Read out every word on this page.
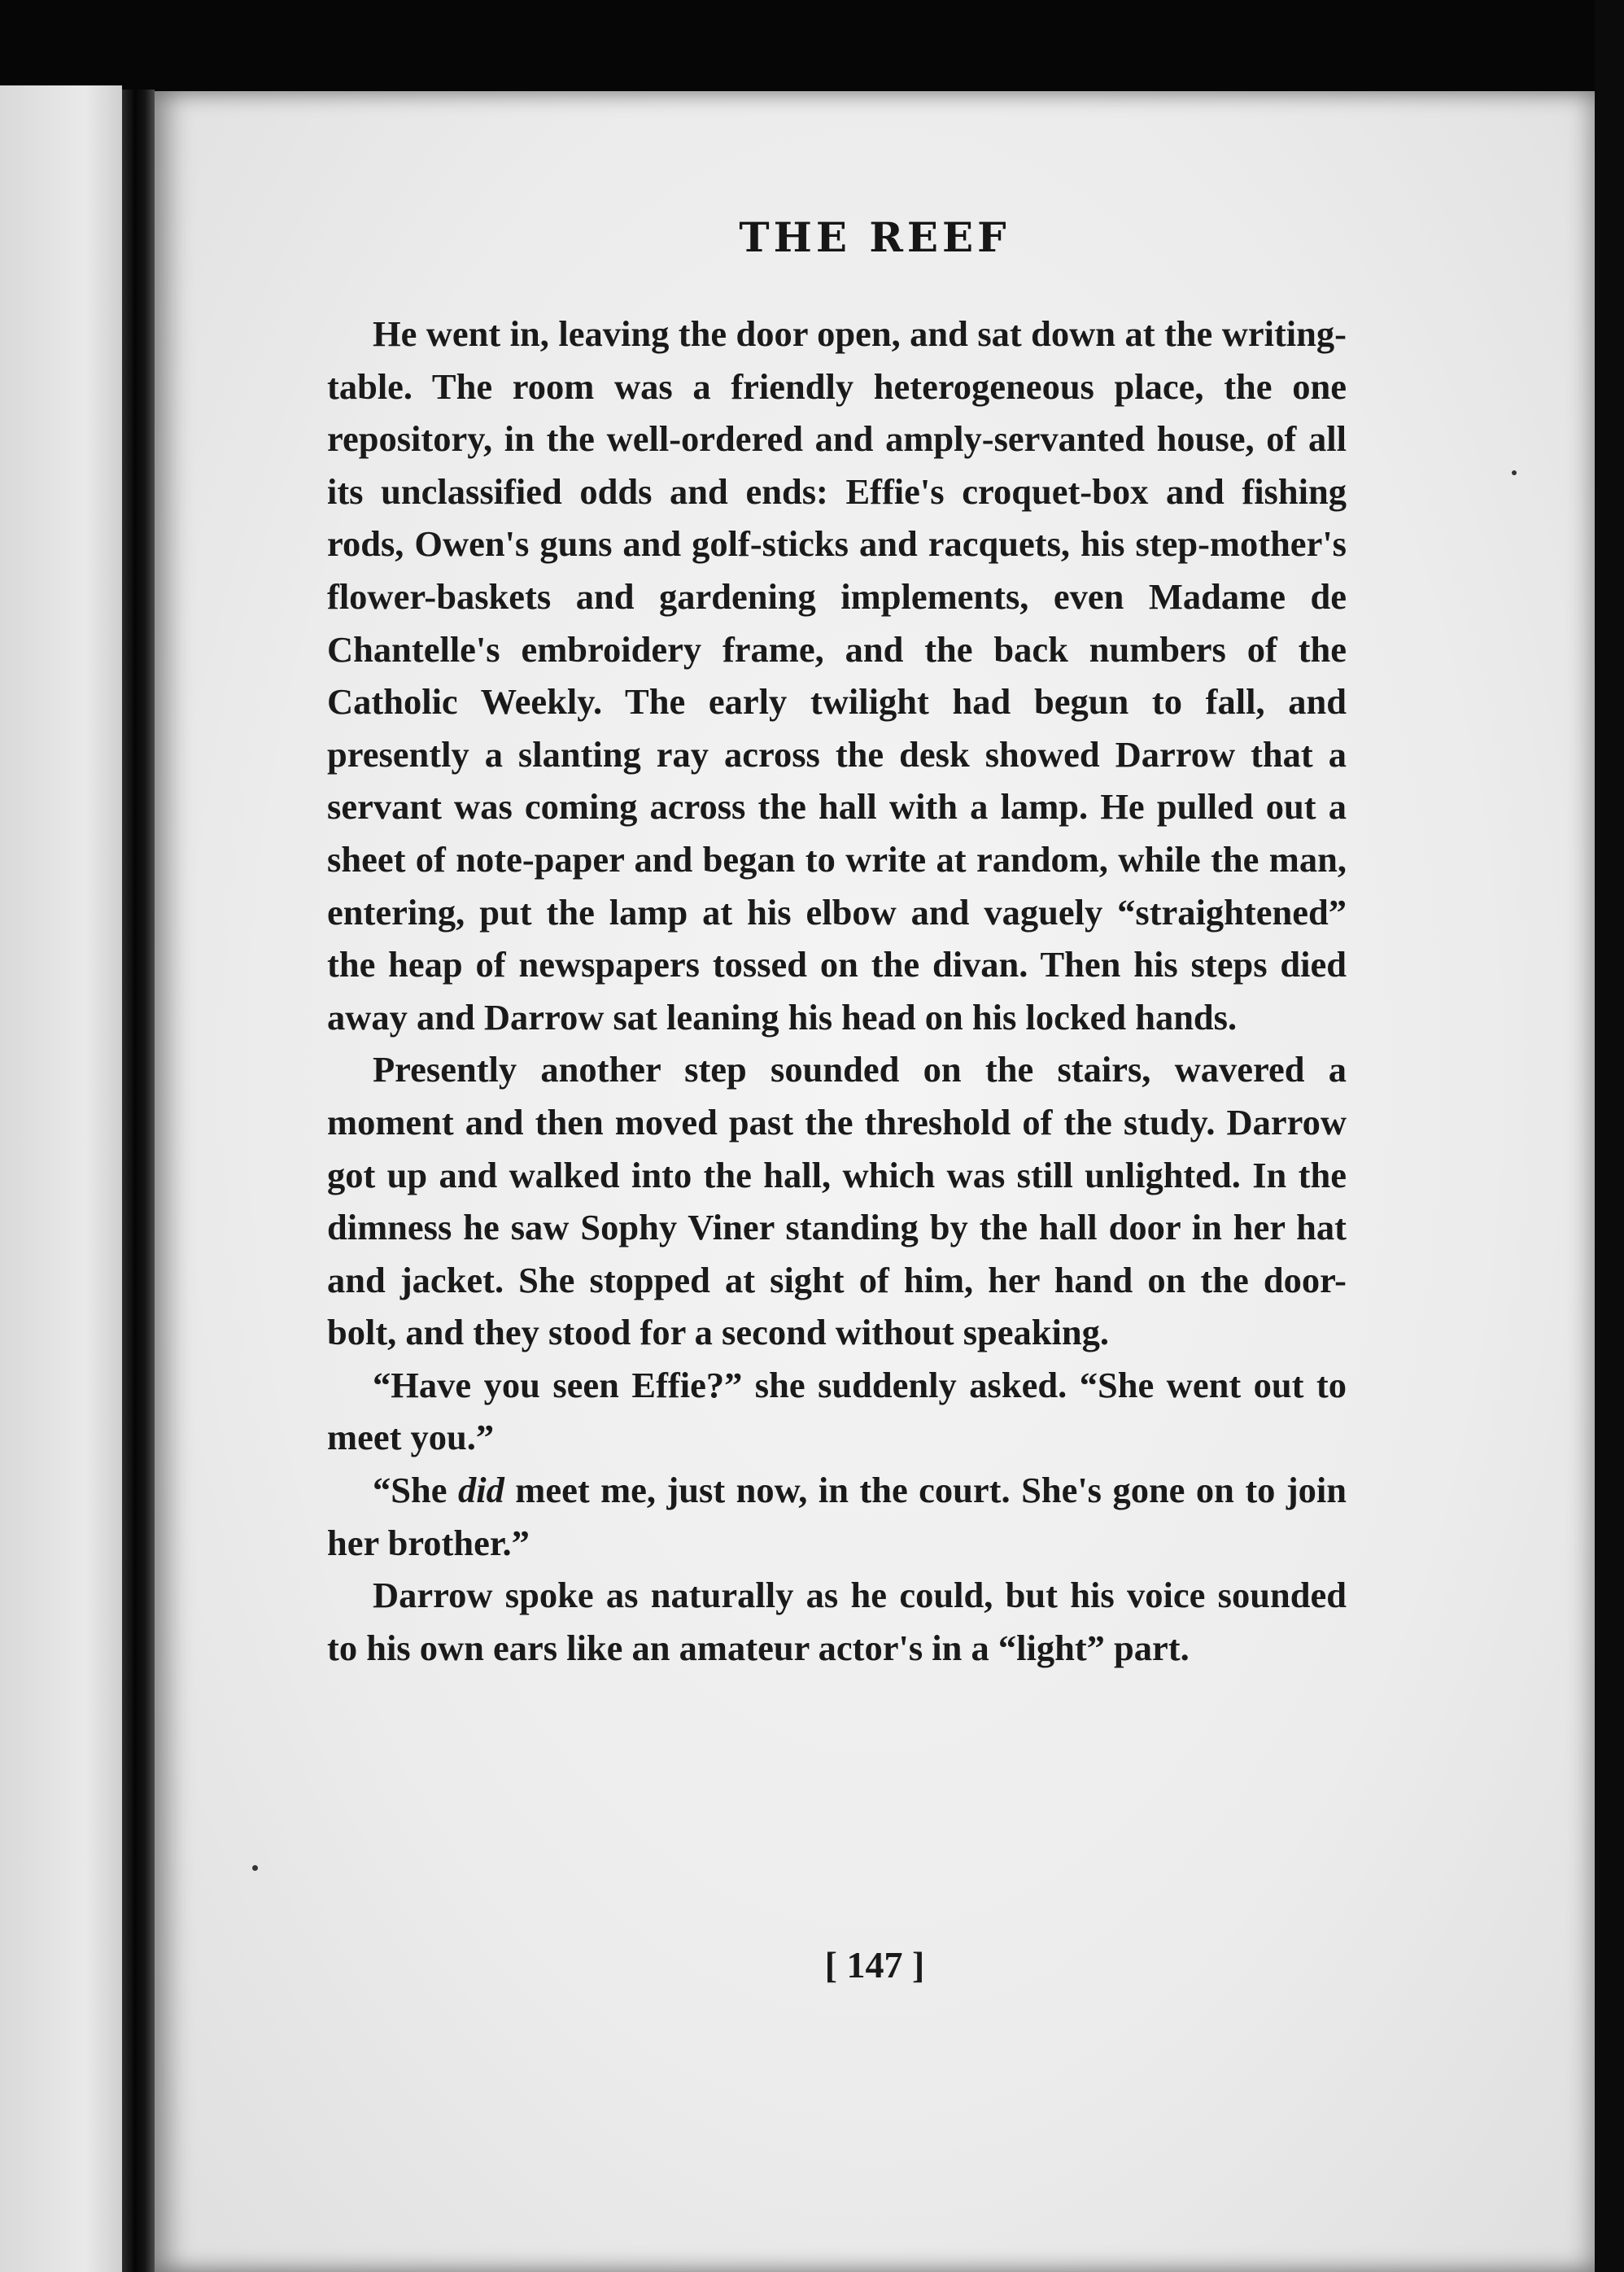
THE REEF

He went in, leaving the door open, and sat down at the writing-table. The room was a friendly heterogeneous place, the one repository, in the well-ordered and amply-servanted house, of all its unclassified odds and ends: Effie's croquet-box and fishing rods, Owen's guns and golf-sticks and racquets, his step-mother's flower-baskets and gardening implements, even Madame de Chantelle's embroidery frame, and the back numbers of the Catholic Weekly. The early twilight had begun to fall, and presently a slanting ray across the desk showed Darrow that a servant was coming across the hall with a lamp. He pulled out a sheet of note-paper and began to write at random, while the man, entering, put the lamp at his elbow and vaguely “straightened” the heap of newspapers tossed on the divan. Then his steps died away and Darrow sat leaning his head on his locked hands.

Presently another step sounded on the stairs, wavered a moment and then moved past the threshold of the study. Darrow got up and walked into the hall, which was still unlighted. In the dimness he saw Sophy Viner standing by the hall door in her hat and jacket. She stopped at sight of him, her hand on the door-bolt, and they stood for a second without speaking.

“Have you seen Effie?” she suddenly asked. “She went out to meet you.”

“She did meet me, just now, in the court. She's gone on to join her brother.”

Darrow spoke as naturally as he could, but his voice sounded to his own ears like an amateur actor's in a “light” part.

[ 147 ]
